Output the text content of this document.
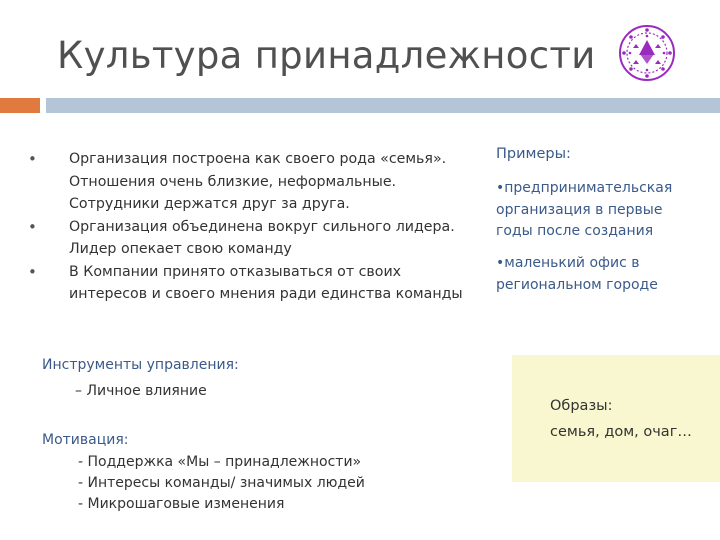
Культура принадлежности
• Организация построена как своего рода «семья». Отношения очень близкие, неформальные. Сотрудники держатся друг за друга.
• Организация объединена вокруг сильного лидера. Лидер опекает свою команду
• В Компании принято отказываться от своих интересов и своего мнения ради единства команды
Инструменты управления:
– Личное влияние
Мотивация:
- Поддержка «Мы – принадлежности»
- Интересы команды/ значимых людей
- Микрошаговые изменения
Примеры:
•предпринимательская организация в первые годы после создания
•маленький офис в региональном городе
Образы:
семья, дом, очаг…
